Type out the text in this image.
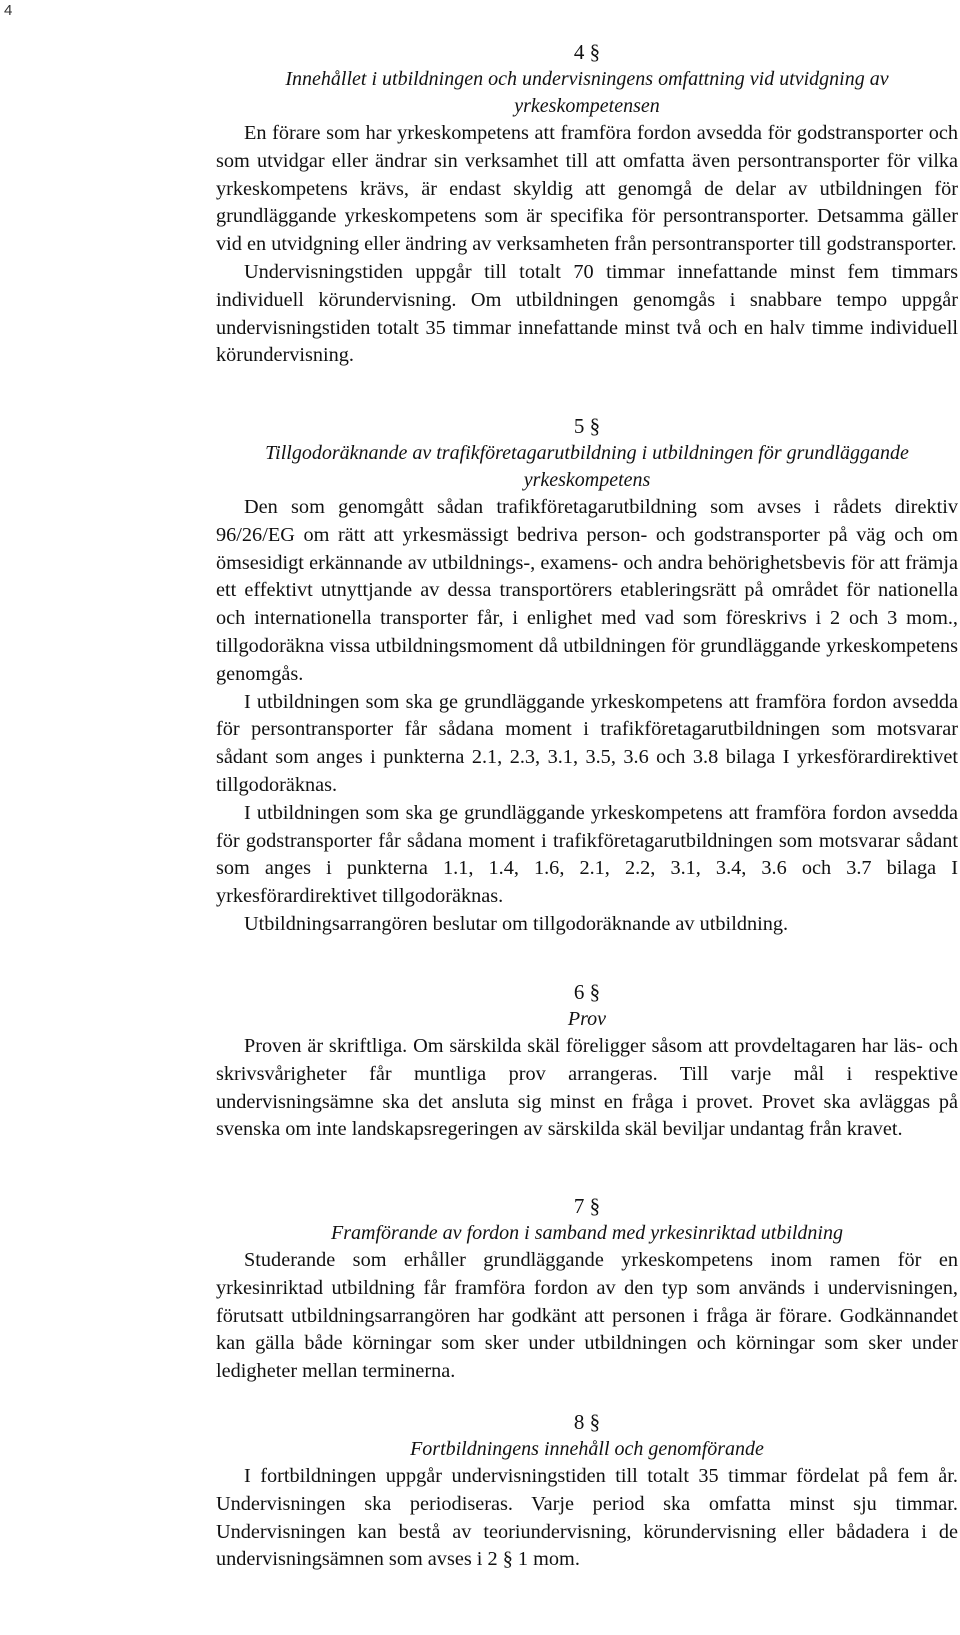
4
4 §
Innehållet i utbildningen och undervisningens omfattning vid utvidgning av yrkeskompetensen

En förare som har yrkeskompetens att framföra fordon avsedda för godstransporter och som utvidgar eller ändrar sin verksamhet till att omfatta även persontransporter för vilka yrkeskompetens krävs, är endast skyldig att genomgå de delar av utbildningen för grundläggande yrkeskompetens som är specifika för persontransporter. Detsamma gäller vid en utvidgning eller ändring av verksamheten från persontransporter till godstransporter.

Undervisningstiden uppgår till totalt 70 timmar innefattande minst fem timmars individuell körundervisning. Om utbildningen genomgås i snabbare tempo uppgår undervisningstiden totalt 35 timmar innefattande minst två och en halv timme individuell körundervisning.

5 §
Tillgodoräknande av trafikföretagarutbildning i utbildningen för grundläggande yrkeskompetens

Den som genomgått sådan trafikföretagarutbildning som avses i rådets direktiv 96/26/EG om rätt att yrkesmässigt bedriva person- och godstransporter på väg och om ömsesidigt erkännande av utbildnings-, examens- och andra behörighetsbevis för att främja ett effektivt utnyttjande av dessa transportörers etableringsrätt på området för nationella och internationella transporter får, i enlighet med vad som föreskrivs i 2 och 3 mom., tillgodoräkna vissa utbildningsmoment då utbildningen för grundläggande yrkeskompetens genomgås.

I utbildningen som ska ge grundläggande yrkeskompetens att framföra fordon avsedda för persontransporter får sådana moment i trafikföretagarutbildningen som motsvarar sådant som anges i punkterna 2.1, 2.3, 3.1, 3.5, 3.6 och 3.8 bilaga I yrkesförardirektivet tillgodoräknas.

I utbildningen som ska ge grundläggande yrkeskompetens att framföra fordon avsedda för godstransporter får sådana moment i trafikföretagarutbildningen som motsvarar sådant som anges i punkterna 1.1, 1.4, 1.6, 2.1, 2.2, 3.1, 3.4, 3.6 och 3.7 bilaga I yrkesförardirektivet tillgodoräknas.

Utbildningsarrangören beslutar om tillgodoräknande av utbildning.

6 §
Prov

Proven är skriftliga. Om särskilda skäl föreligger såsom att provdeltagaren har läs- och skrivsvårigheter får muntliga prov arrangeras. Till varje mål i respektive undervisningsämne ska det ansluta sig minst en fråga i provet. Provet ska avläggas på svenska om inte landskapsregeringen av särskilda skäl beviljar undantag från kravet.

7 §
Framförande av fordon i samband med yrkesinriktad utbildning

Studerande som erhåller grundläggande yrkeskompetens inom ramen för en yrkesinriktad utbildning får framföra fordon av den typ som används i undervisningen, förutsatt utbildningsarrangören har godkänt att personen i fråga är förare. Godkännandet kan gälla både körningar som sker under utbildningen och körningar som sker under ledigheter mellan terminerna.

8 §
Fortbildningens innehåll och genomförande

I fortbildningen uppgår undervisningstiden till totalt 35 timmar fördelat på fem år. Undervisningen ska periodiseras. Varje period ska omfatta minst sju timmar. Undervisningen kan bestå av teoriundervisning, körundervisning eller bådadera i de undervisningsämnen som avses i 2 § 1 mom.
